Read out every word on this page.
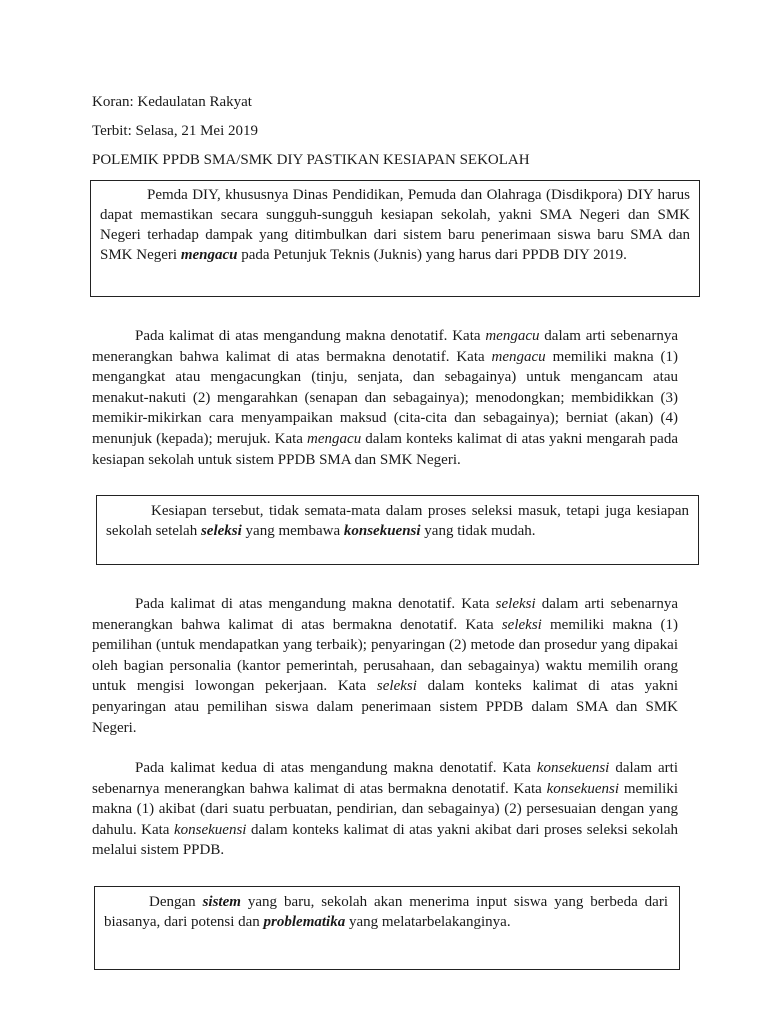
Koran: Kedaulatan Rakyat
Terbit: Selasa, 21 Mei 2019
POLEMIK PPDB SMA/SMK DIY PASTIKAN KESIAPAN SEKOLAH
Pemda DIY, khususnya Dinas Pendidikan, Pemuda dan Olahraga (Disdikpora) DIY harus dapat memastikan secara sungguh-sungguh kesiapan sekolah, yakni SMA Negeri dan SMK Negeri terhadap dampak yang ditimbulkan dari sistem baru penerimaan siswa baru SMA dan SMK Negeri mengacu pada Petunjuk Teknis (Juknis) yang harus dari PPDB DIY 2019.
Pada kalimat di atas mengandung makna denotatif. Kata mengacu dalam arti sebenarnya menerangkan bahwa kalimat di atas bermakna denotatif. Kata mengacu memiliki makna (1) mengangkat atau mengacungkan (tinju, senjata, dan sebagainya) untuk mengancam atau menakut-nakuti (2) mengarahkan (senapan dan sebagainya); menodongkan; membidikkan (3) memikir-mikirkan cara menyampaikan maksud (cita-cita dan sebagainya); berniat (akan) (4) menunjuk (kepada); merujuk. Kata mengacu dalam konteks kalimat di atas yakni mengarah pada kesiapan sekolah untuk sistem PPDB SMA dan SMK Negeri.
Kesiapan tersebut, tidak semata-mata dalam proses seleksi masuk, tetapi juga kesiapan sekolah setelah seleksi yang membawa konsekuensi yang tidak mudah.
Pada kalimat di atas mengandung makna denotatif. Kata seleksi dalam arti sebenarnya menerangkan bahwa kalimat di atas bermakna denotatif. Kata seleksi memiliki makna (1) pemilihan (untuk mendapatkan yang terbaik); penyaringan (2) metode dan prosedur yang dipakai oleh bagian personalia (kantor pemerintah, perusahaan, dan sebagainya) waktu memilih orang untuk mengisi lowongan pekerjaan. Kata seleksi dalam konteks kalimat di atas yakni penyaringan atau pemilihan siswa dalam penerimaan sistem PPDB dalam SMA dan SMK Negeri.
Pada kalimat kedua di atas mengandung makna denotatif. Kata konsekuensi dalam arti sebenarnya menerangkan bahwa kalimat di atas bermakna denotatif. Kata konsekuensi memiliki makna (1) akibat (dari suatu perbuatan, pendirian, dan sebagainya) (2) persesuaian dengan yang dahulu. Kata konsekuensi dalam konteks kalimat di atas yakni akibat dari proses seleksi sekolah melalui sistem PPDB.
Dengan sistem yang baru, sekolah akan menerima input siswa yang berbeda dari biasanya, dari potensi dan problematika yang melatarbelakanginya.
